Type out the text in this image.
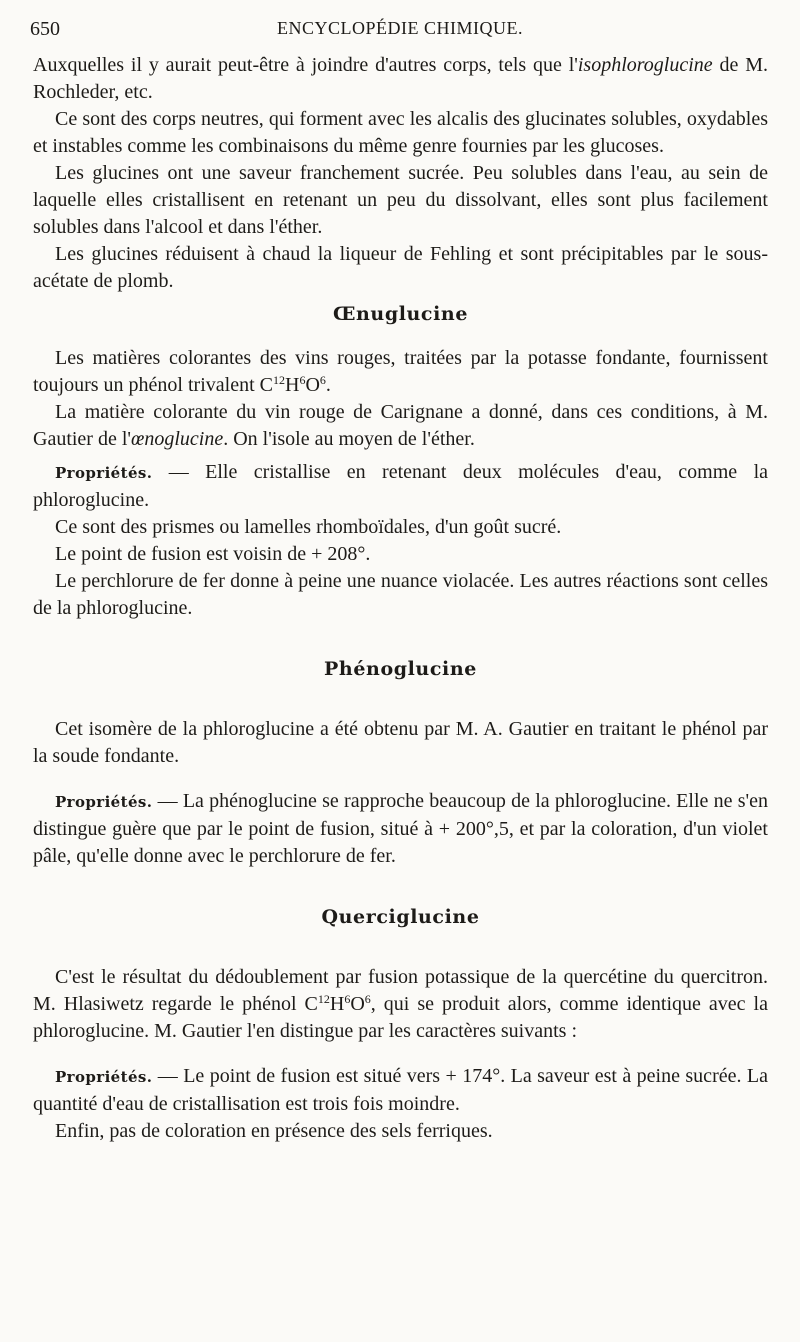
650	ENCYCLOPÉDIE CHIMIQUE.

Auxquelles il y aurait peut-être à joindre d'autres corps, tels que l'isophloroglucine de M. Rochleder, etc.

Ce sont des corps neutres, qui forment avec les alcalis des glucinates solubles, oxydables et instables comme les combinaisons du même genre fournies par les glucoses.

Les glucines ont une saveur franchement sucrée. Peu solubles dans l'eau, au sein de laquelle elles cristallisent en retenant un peu du dissolvant, elles sont plus facilement solubles dans l'alcool et dans l'éther.

Les glucines réduisent à chaud la liqueur de Fehling et sont précipitables par le sous-acétate de plomb.

Œnuglucine

Les matières colorantes des vins rouges, traitées par la potasse fondante, fournissent toujours un phénol trivalent $C^{12}H^6O^6$.

La matière colorante du vin rouge de Carignane a donné, dans ces conditions, à M. Gautier de l'œnoglucine. On l'isole au moyen de l'éther.

Propriétés. — Elle cristallise en retenant deux molécules d'eau, comme la phloroglucine.

Ce sont des prismes ou lamelles rhomboïdales, d'un goût sucré.

Le point de fusion est voisin de + 208°.

Le perchlorure de fer donne à peine une nuance violacée. Les autres réactions sont celles de la phloroglucine.

Phénoglucine

Cet isomère de la phloroglucine a été obtenu par M. A. Gautier en traitant le phénol par la soude fondante.

Propriétés. — La phénoglucine se rapproche beaucoup de la phloroglucine. Elle ne s'en distingue guère que par le point de fusion, situé à + 200°,5, et par la coloration, d'un violet pâle, qu'elle donne avec le perchlorure de fer.

Querciglucine

C'est le résultat du dédoublement par fusion potassique de la quercétine du quercitron. M. Hlasiwetz regarde le phénol $C^{12}H^6O^6$, qui se produit alors, comme identique avec la phloroglucine. M. Gautier l'en distingue par les caractères suivants :

Propriétés. — Le point de fusion est situé vers + 174°. La saveur est à peine sucrée. La quantité d'eau de cristallisation est trois fois moindre.

Enfin, pas de coloration en présence des sels ferriques.
